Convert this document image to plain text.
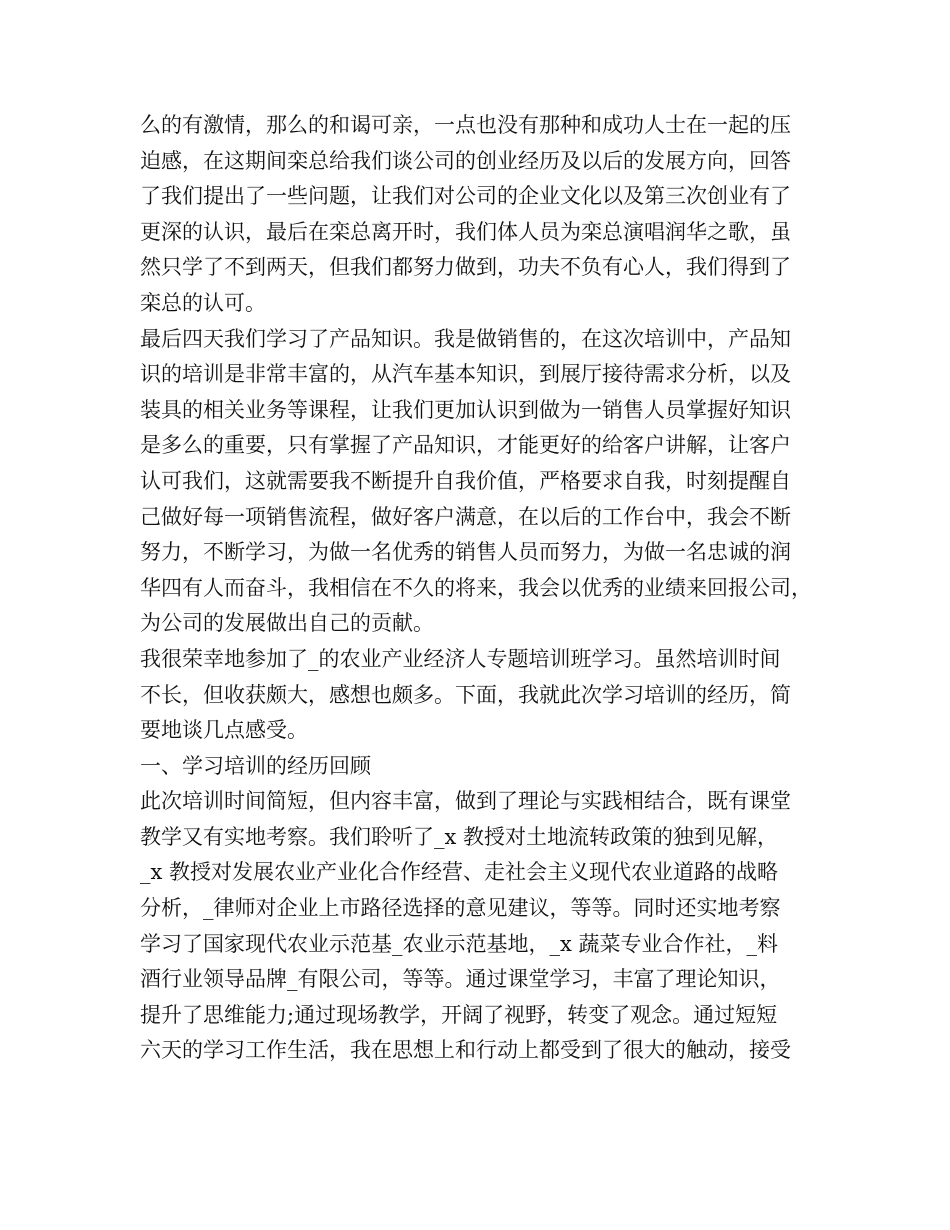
么的有激情，那么的和谒可亲，一点也没有那种和成功人士在一起的压
迫感，在这期间栾总给我们谈公司的创业经历及以后的发展方向，回答
了我们提出了一些问题，让我们对公司的企业文化以及第三次创业有了
更深的认识，最后在栾总离开时，我们体人员为栾总演唱润华之歌，虽
然只学了不到两天，但我们都努力做到，功夫不负有心人，我们得到了
栾总的认可。
最后四天我们学习了产品知识。我是做销售的，在这次培训中，产品知
识的培训是非常丰富的，从汽车基本知识，到展厅接待需求分析，以及
装具的相关业务等课程，让我们更加认识到做为一销售人员掌握好知识
是多么的重要，只有掌握了产品知识，才能更好的给客户讲解，让客户
认可我们，这就需要我不断提升自我价值，严格要求自我，时刻提醒自
己做好每一项销售流程，做好客户满意，在以后的工作台中，我会不断
努力，不断学习，为做一名优秀的销售人员而努力，为做一名忠诚的润
华四有人而奋斗，我相信在不久的将来，我会以优秀的业绩来回报公司，
为公司的发展做出自己的贡献。
我很荣幸地参加了_的农业产业经济人专题培训班学习。虽然培训时间
不长，但收获颇大，感想也颇多。下面，我就此次学习培训的经历，简
要地谈几点感受。
一、学习培训的经历回顾
此次培训时间简短，但内容丰富，做到了理论与实践相结合，既有课堂
教学又有实地考察。我们聆听了_x 教授对土地流转政策的独到见解，
_x 教授对发展农业产业化合作经营、走社会主义现代农业道路的战略
分析，_律师对企业上市路径选择的意见建议，等等。同时还实地考察
学习了国家现代农业示范基_农业示范基地，_x 蔬菜专业合作社，_料
酒行业领导品牌_有限公司，等等。通过课堂学习，丰富了理论知识，
提升了思维能力;通过现场教学，开阔了视野，转变了观念。通过短短
六天的学习工作生活，我在思想上和行动上都受到了很大的触动，接受
